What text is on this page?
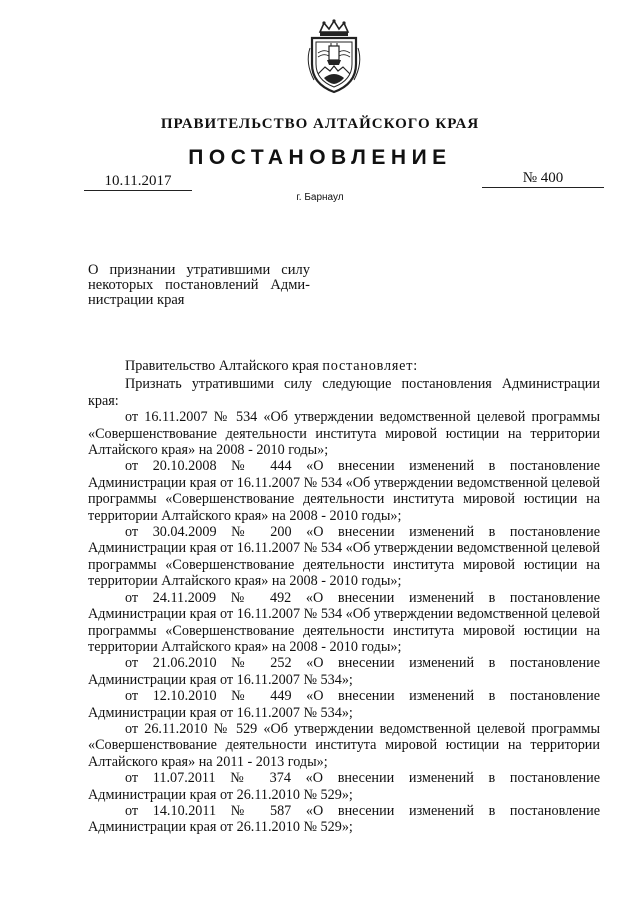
ПРАВИТЕЛЬСТВО АЛТАЙСКОГО КРАЯ
ПОСТАНОВЛЕНИЕ
10.11.2017	№ 400
г. Барнаул
О признании утратившими силу
некоторых постановлений Адми-
нистрации края

Правительство Алтайского края постановляет:

Признать утратившими силу следующие постановления Администрации края:

от 16.11.2007 № 534 «Об утверждении ведомственной целевой программы «Совершенствование деятельности института мировой юстиции на территории Алтайского края» на 2008 - 2010 годы»;

от 20.10.2008 № 444 «О внесении изменений в постановление Администрации края от 16.11.2007 № 534 «Об утверждении ведомственной целевой программы «Совершенствование деятельности института мировой юстиции на территории Алтайского края» на 2008 - 2010 годы»;

от 30.04.2009 № 200 «О внесении изменений в постановление Администрации края от 16.11.2007 № 534 «Об утверждении ведомственной целевой программы «Совершенствование деятельности института мировой юстиции на территории Алтайского края» на 2008 - 2010 годы»;

от 24.11.2009 № 492 «О внесении изменений в постановление Администрации края от 16.11.2007 № 534 «Об утверждении ведомственной целевой программы «Совершенствование деятельности института мировой юстиции на территории Алтайского края» на 2008 - 2010 годы»;

от 21.06.2010 № 252 «О внесении изменений в постановление Администрации края от 16.11.2007 № 534»;

от 12.10.2010 № 449 «О внесении изменений в постановление Администрации края от 16.11.2007 № 534»;

от 26.11.2010 № 529 «Об утверждении ведомственной целевой программы «Совершенствование деятельности института мировой юстиции на территории Алтайского края» на 2011 - 2013 годы»;

от 11.07.2011 № 374 «О внесении изменений в постановление Администрации края от 26.11.2010 № 529»;

от 14.10.2011 № 587 «О внесении изменений в постановление Администрации края от 26.11.2010 № 529»;
